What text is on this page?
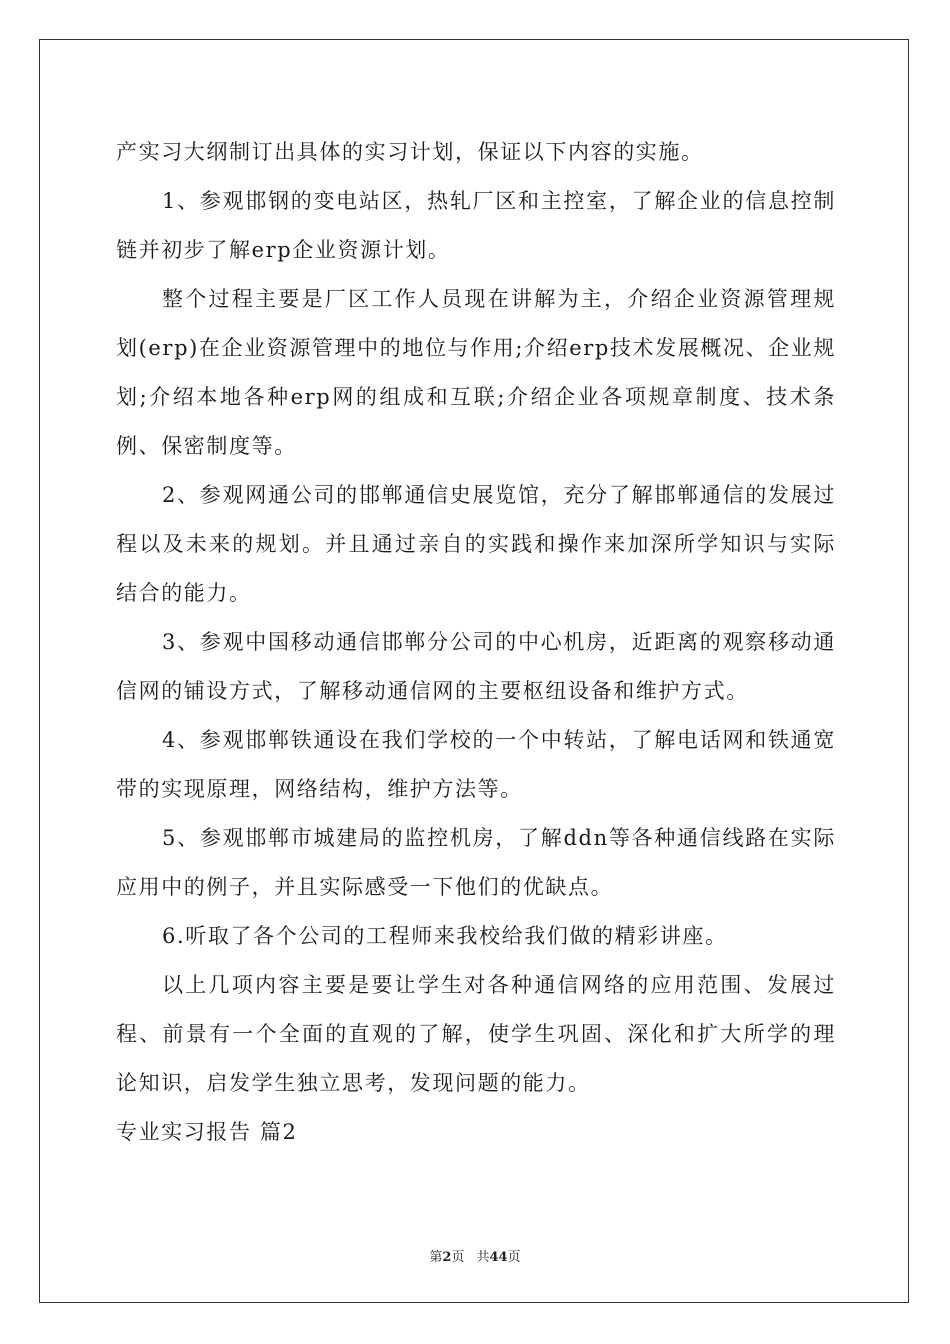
产实习大纲制订出具体的实习计划，保证以下内容的实施。

1、参观邯钢的变电站区，热轧厂区和主控室，了解企业的信息控制链并初步了解erp企业资源计划。

整个过程主要是厂区工作人员现在讲解为主，介绍企业资源管理规划(erp)在企业资源管理中的地位与作用;介绍erp技术发展概况、企业规划;介绍本地各种erp网的组成和互联;介绍企业各项规章制度、技术条例、保密制度等。

2、参观网通公司的邯郸通信史展览馆，充分了解邯郸通信的发展过程以及未来的规划。并且通过亲自的实践和操作来加深所学知识与实际结合的能力。

3、参观中国移动通信邯郸分公司的中心机房，近距离的观察移动通信网的铺设方式，了解移动通信网的主要枢纽设备和维护方式。

4、参观邯郸铁通设在我们学校的一个中转站，了解电话网和铁通宽带的实现原理，网络结构，维护方法等。

5、参观邯郸市城建局的监控机房，了解ddn等各种通信线路在实际应用中的例子，并且实际感受一下他们的优缺点。

6.听取了各个公司的工程师来我校给我们做的精彩讲座。

以上几项内容主要是要让学生对各种通信网络的应用范围、发展过程、前景有一个全面的直观的了解，使学生巩固、深化和扩大所学的理论知识，启发学生独立思考，发现问题的能力。

专业实习报告 篇2

第2页 共44页
